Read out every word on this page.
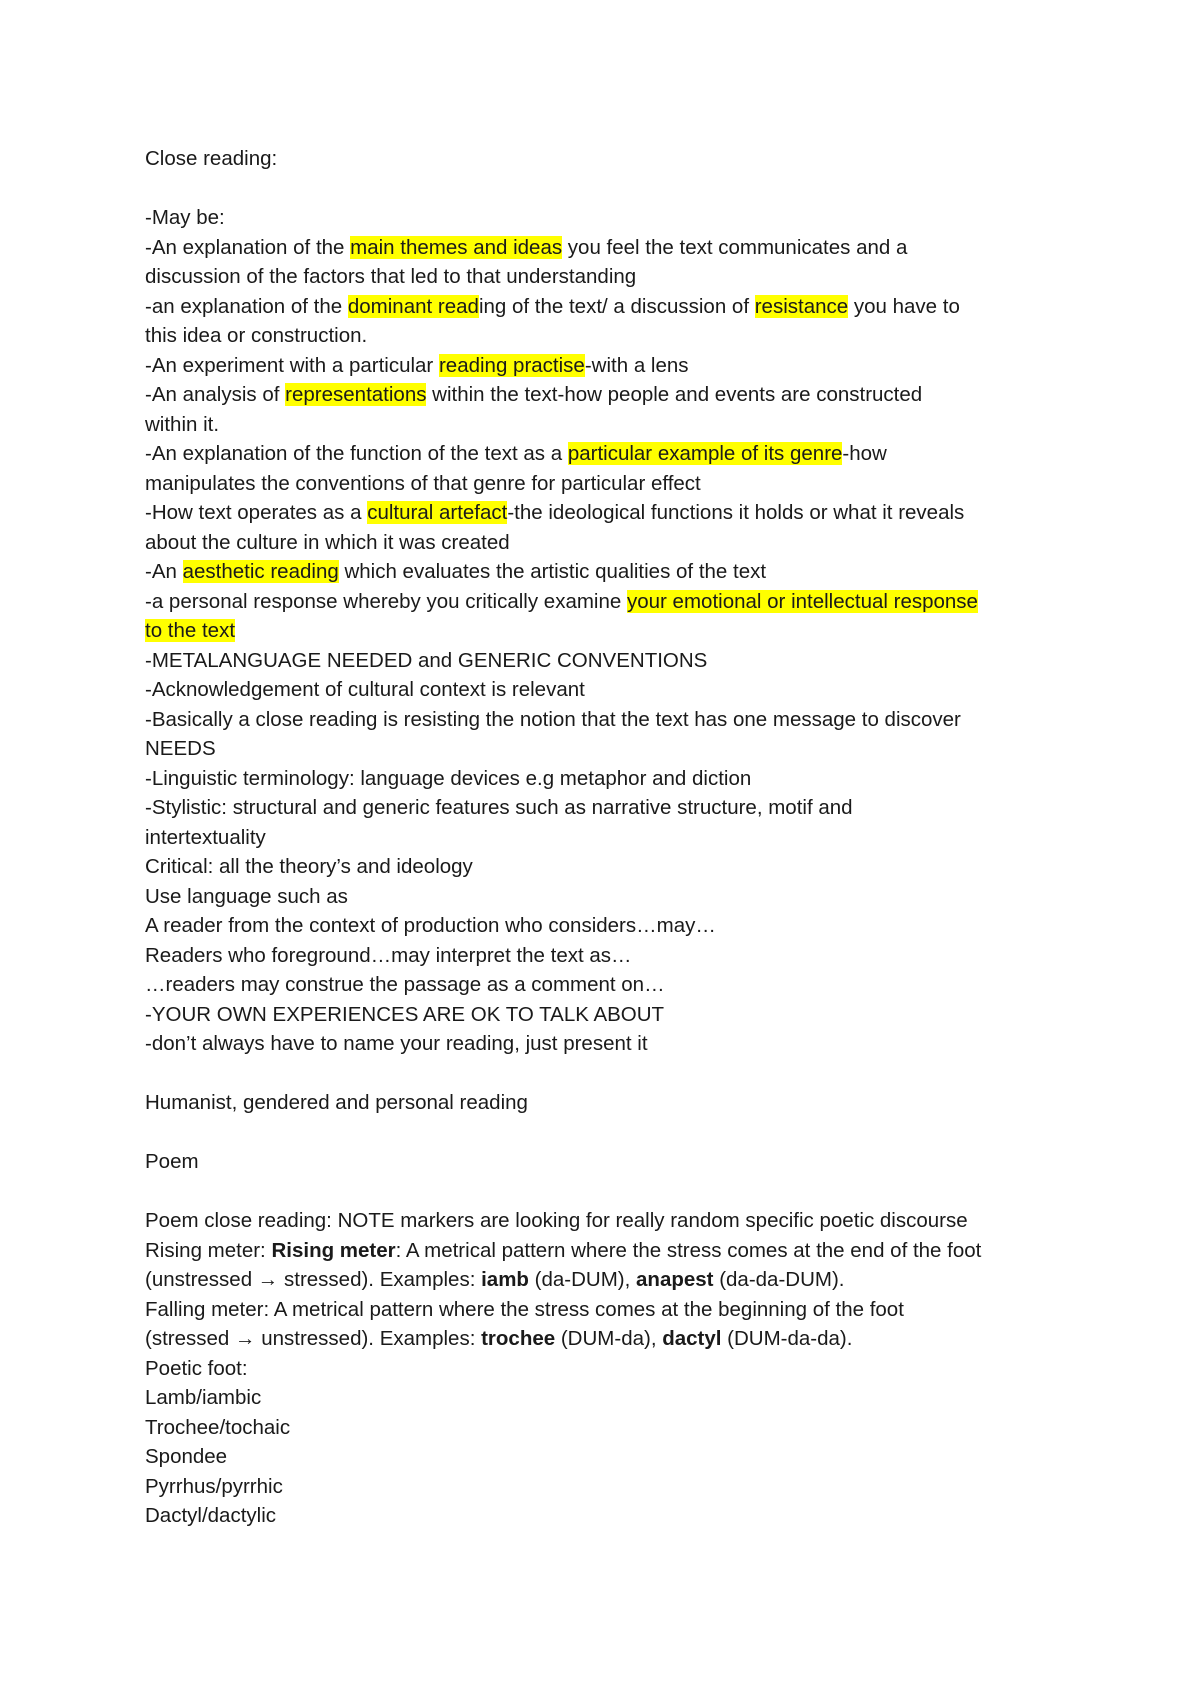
Close reading:

-May be:

-An explanation of the main themes and ideas you feel the text communicates and a

discussion of the factors that led to that understanding

-an explanation of the dominant reading of the text/ a discussion of resistance you have to

this idea or construction.

-An experiment with a particular reading practise-with a lens

-An analysis of representations within the text-how people and events are constructed

within it.

-An explanation of the function of the text as a particular example of its genre-how

manipulates the conventions of that genre for particular effect

-How text operates as a cultural artefact-the ideological functions it holds or what it reveals

about the culture in which it was created

-An aesthetic reading which evaluates the artistic qualities of the text

-a personal response whereby you critically examine your emotional or intellectual response

to the text

-METALANGUAGE NEEDED and GENERIC CONVENTIONS

-Acknowledgement of cultural context is relevant

-Basically a close reading is resisting the notion that the text has one message to discover

NEEDS

-Linguistic terminology: language devices e.g metaphor and diction

-Stylistic: structural and generic features such as narrative structure, motif and

intertextuality

Critical: all the theory’s and ideology

Use language such as

A reader from the context of production who considers…may…

Readers who foreground…may interpret the text as…

…readers may construe the passage as a comment on…

-YOUR OWN EXPERIENCES ARE OK TO TALK ABOUT

-don’t always have to name your reading, just present it

Humanist, gendered and personal reading

Poem

Poem close reading: NOTE markers are looking for really random specific poetic discourse

Rising meter: Rising meter: A metrical pattern where the stress comes at the end of the foot

(unstressed → stressed). Examples: iamb (da-DUM), anapest (da-da-DUM).

Falling meter: A metrical pattern where the stress comes at the beginning of the foot

(stressed → unstressed). Examples: trochee (DUM-da), dactyl (DUM-da-da).

Poetic foot:

Lamb/iambic

Trochee/tochaic

Spondee

Pyrrhus/pyrrhic

Dactyl/dactylic
